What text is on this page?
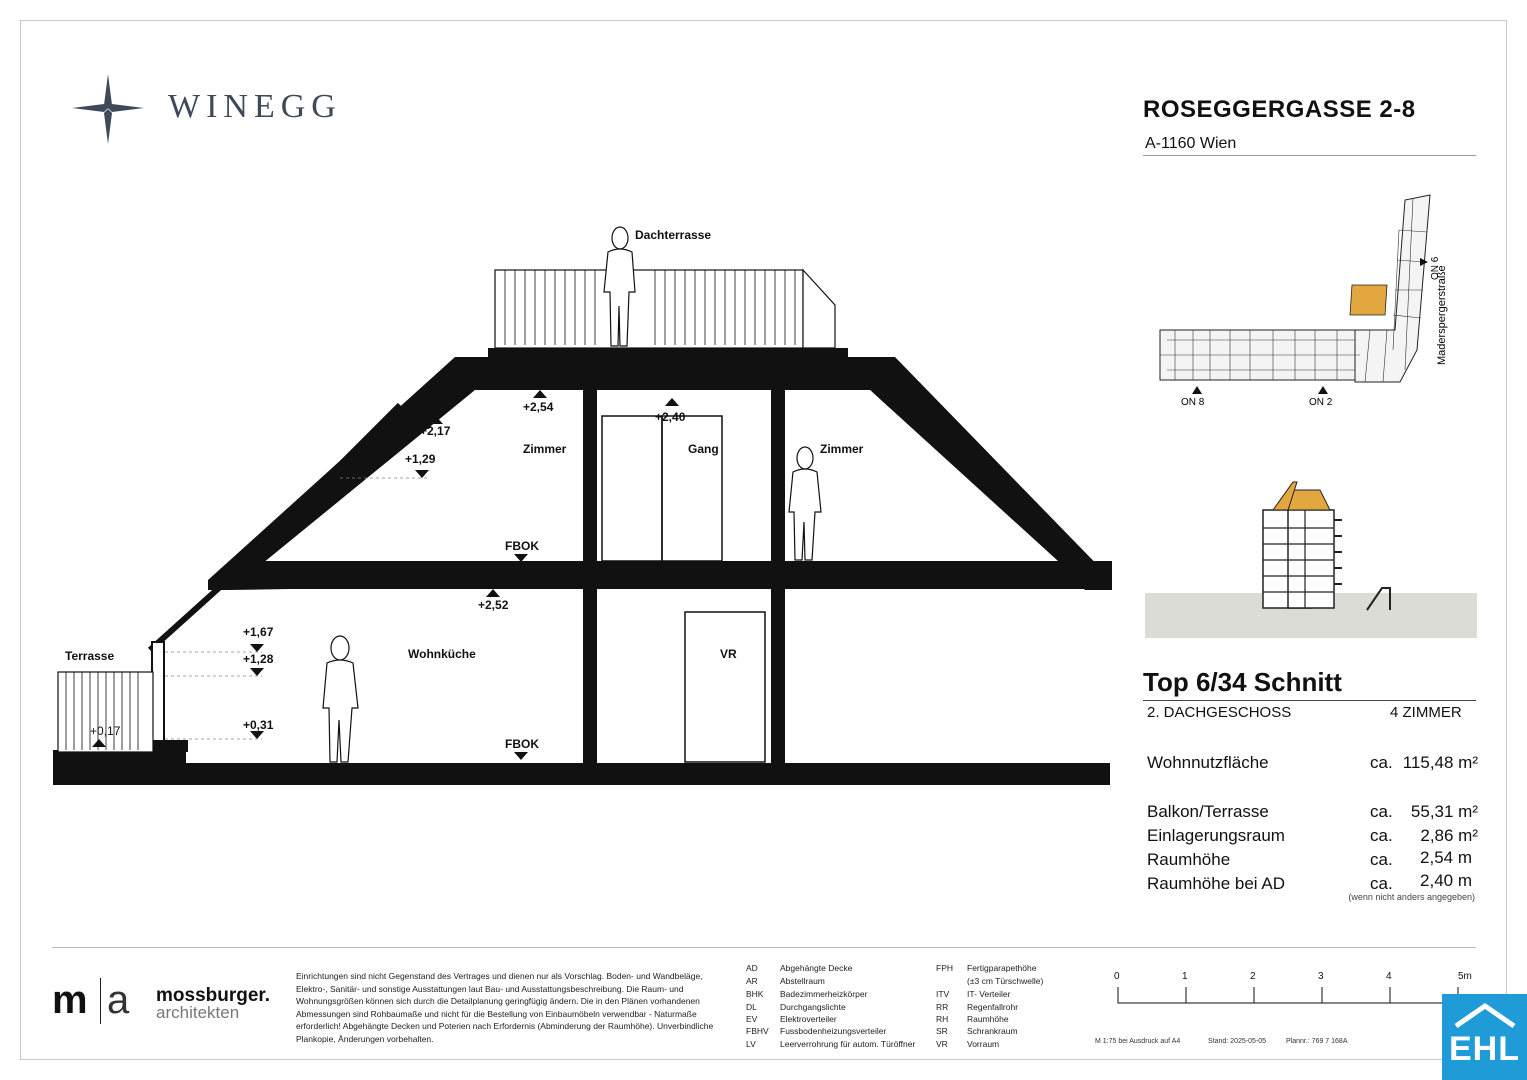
WINEGG	ROSEGGERGASSE 2-8
A-1160 Wien
ON 8	ON 2
ON 6
Maderspergerstraße
Top 6/34 Schnitt
2. DACHGESCHOSS	4 ZIMMER
Wohnnutzfläche	ca. 115,48 m²
Balkon/Terrasse	ca.	55,31 m²
Einlagerungsraum	ca.	2,86 m²
Raumhöhe	ca.	2,54 m
Raumhöhe bei AD	ca.	2,40 m
(wenn nicht anders angegeben)
Dachterrasse
Zimmer	Gang	Zimmer
Terrasse	Wohnküche	VR
+2,54
+2,40
+2,17
+1,29
FBOK
+2,52
+1,67
+1,28
+0,31
+0,17
FBOK
m a mossburger.
architekten
Einrichtungen sind nicht Gegenstand des Vertrages und dienen nur als Vorschlag. Boden- und Wandbeläge, Elektro-, Sanitär- und sonstige Ausstattungen laut Bau- und Ausstattungsbeschreibung. Die Raum- und Wohnungsgrößen können sich durch die Detailplanung geringfügig ändern. Die in den Plänen vorhandenen Abmessungen sind Rohbaumaße und nicht für die Bestellung von Einbaumöbeln verwendbar - Naturmaße erforderlich! Abgehängte Decken und Poterien nach Erfordernis (Abminderung der Raumhöhe). Unverbindliche Plankopie, Änderungen vorbehalten.
AD	Abgehängte Decke
AR	Abstellraum
BHK Badezimmerheizkörper
DL	Durchgangslichte
EV	Elektroverteiler
FBHV Fussbodenheizungsverteiler
LV	Leerverrohrung für autom. Türöffner
FPH Fertigparapethöhe
(±3 cm Türschwelle)
ITV IT- Verteiler
RR Regenfallrohr
RH Raumhöhe
SR Schrankraum
VR Vorraum
0	1	2	3	4	5m
M 1:75 bei Ausdruck auf A4	Stand: 2025-05-05	Plannr.: 769 7 168A	EHL
